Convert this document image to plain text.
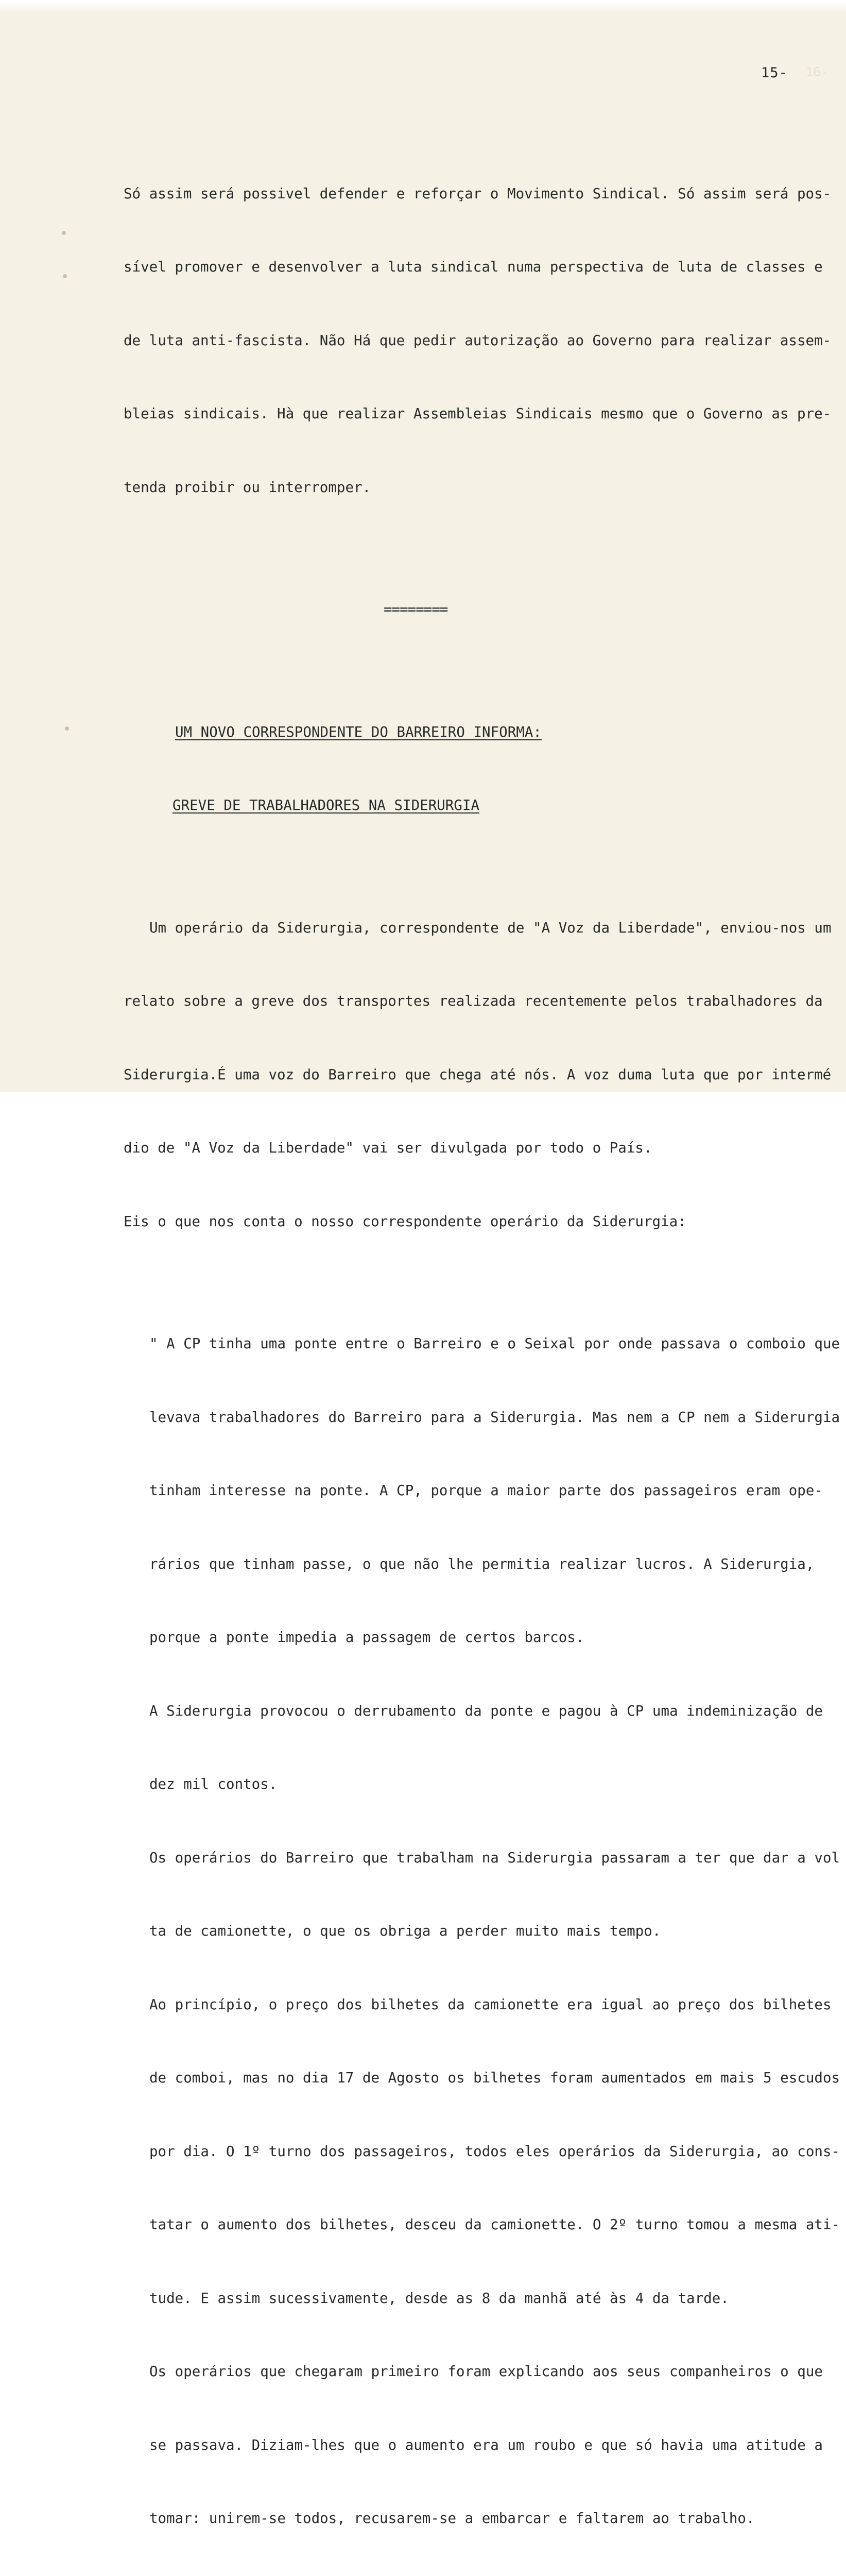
15- 16-

Só assim será possivel defender e reforçar o Movimento Sindical. Só assim será pos-

sível promover e desenvolver a luta sindical numa perspectiva de luta de classes e

de luta anti-fascista. Não Há que pedir autorização ao Governo para realizar assem-

bleias sindicais. Hà que realizar Assembleias Sindicais mesmo que o Governo as pre-

tenda proibir ou interromper.

========

UM NOVO CORRESPONDENTE DO BARREIRO INFORMA:

GREVE DE TRABALHADORES NA SIDERURGIA

Um operário da Siderurgia, correspondente de "A Voz da Liberdade", enviou-nos um

relato sobre a greve dos transportes realizada recentemente pelos trabalhadores da

Siderurgia.É uma voz do Barreiro que chega até nós. A voz duma luta que por intermé

dio de "A Voz da Liberdade" vai ser divulgada por todo o País.

Eis o que nos conta o nosso correspondente operário da Siderurgia:

" A CP tinha uma ponte entre o Barreiro e o Seixal por onde passava o comboio que

levava trabalhadores do Barreiro para a Siderurgia. Mas nem a CP nem a Siderurgia

tinham interesse na ponte. A CP, porque a maior parte dos passageiros eram ope-

rários que tinham passe, o que não lhe permitia realizar lucros. A Siderurgia,

porque a ponte impedia a passagem de certos barcos.

A Siderurgia provocou o derrubamento da ponte e pagou à CP uma indeminização de

dez mil contos.

Os operários do Barreiro que trabalham na Siderurgia passaram a ter que dar a vol

ta de camionette, o que os obriga a perder muito mais tempo.

Ao princípio, o preço dos bilhetes da camionette era igual ao preço dos bilhetes

de comboi, mas no dia 17 de Agosto os bilhetes foram aumentados em mais 5 escudos

por dia. O 1º turno dos passageiros, todos eles operários da Siderurgia, ao cons-

tatar o aumento dos bilhetes, desceu da camionette. O 2º turno tomou a mesma ati-

tude. E assim sucessivamente, desde as 8 da manhã até às 4 da tarde.

Os operários que chegaram primeiro foram explicando aos seus companheiros o que

se passava. Diziam-lhes que o aumento era um roubo e que só havia uma atitude a

tomar: unirem-se todos, recusarem-se a embarcar e faltarem ao trabalho.
